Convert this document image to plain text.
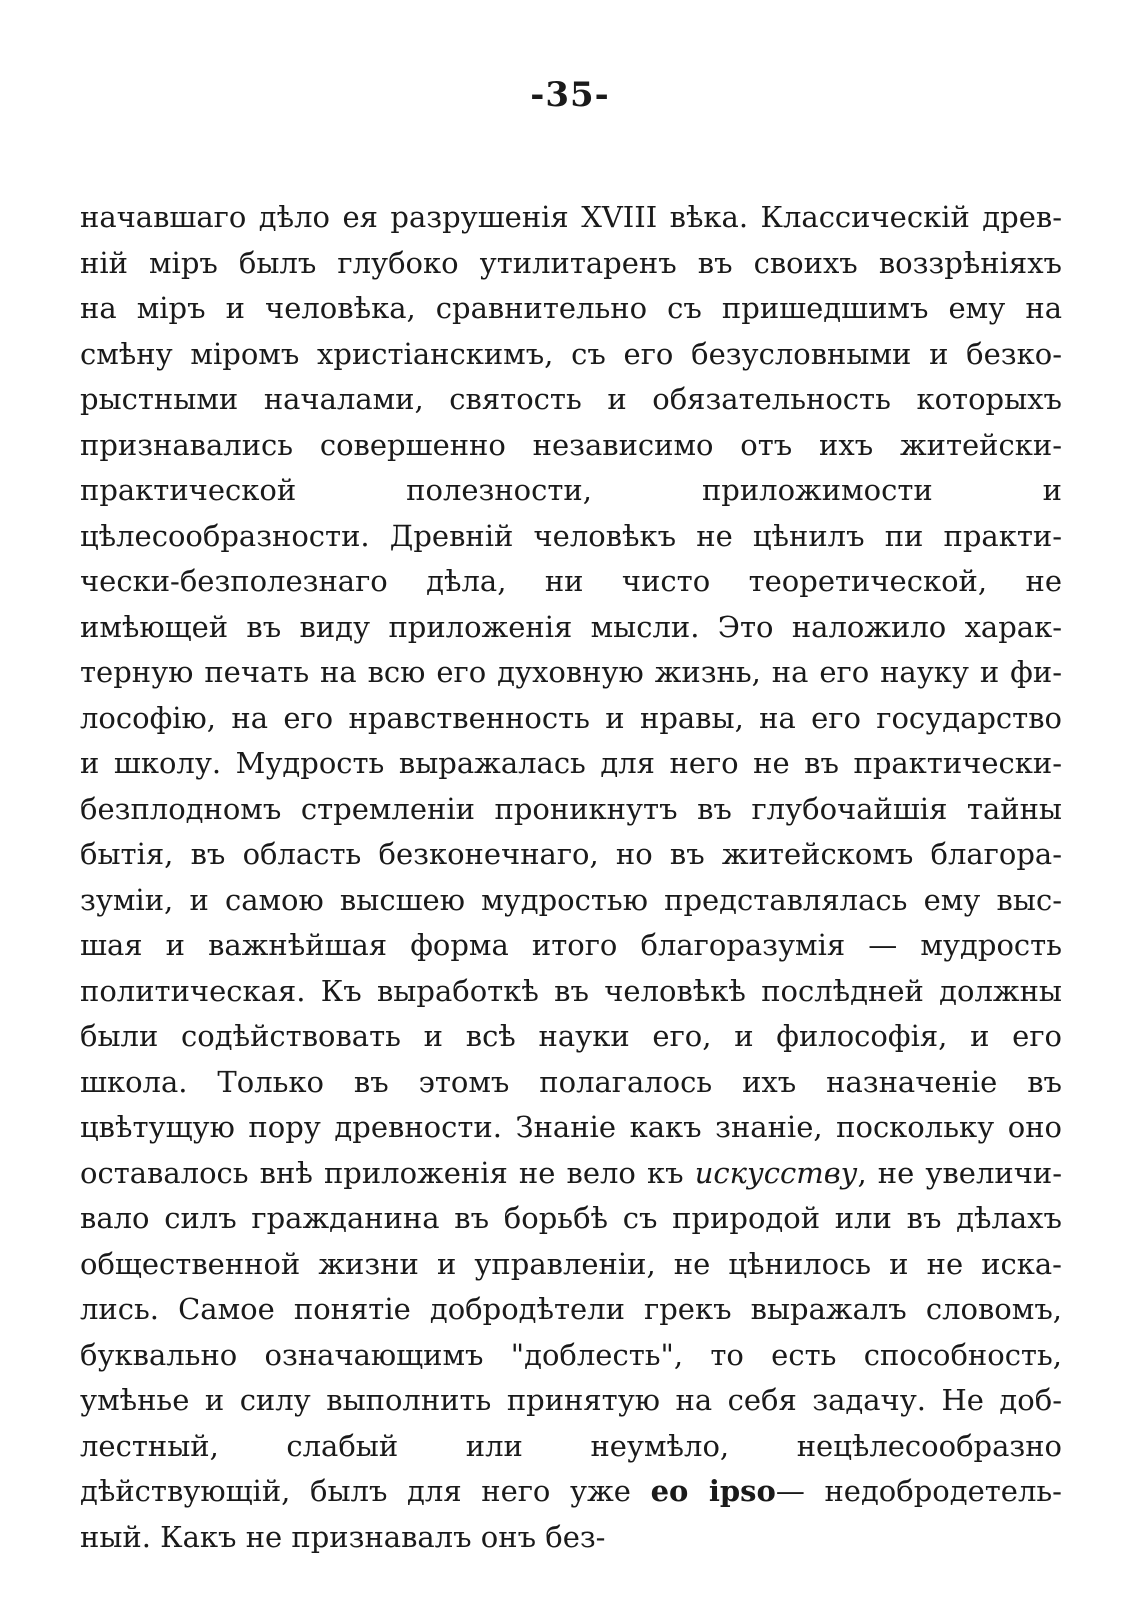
-35-
начавшаго дѣло ея разрушенія XVIII вѣка. Классическій древ-
ній міръ былъ глубоко утилитаренъ въ своихъ воззрѣніяхъ
на міръ и человѣка, сравнительно съ пришедшимъ ему на
смѣну міромъ христіанскимъ, съ его безусловными и безко-
рыстными началами, святость и обязательность которыхъ
признавались совершенно независимо отъ ихъ житейски-
практической полезности, приложимости и
цѣлесообразности. Древній человѣкъ не цѣнилъ пи практи-
чески-безполезнаго дѣла, ни чисто теоретической, не
имѣющей въ виду приложенія мысли. Это наложило харак-
терную печать на всю его духовную жизнь, на его науку и фи-
лософію, на его нравственность и нравы, на его государство
и школу. Мудрость выражалась для него не въ практически-
безплодномъ стремленіи проникнутъ въ глубочайшія тайны
бытія, въ область безконечнаго, но въ житейскомъ благора-
зуміи, и самою высшею мудростью представлялась ему выс-
шая и важнѣйшая форма итого благоразумія — мудрость
политическая. Къ выработкѣ въ человѣкѣ послѣдней должны
были содѣйствовать и всѣ науки его, и философія, и его
школа. Только въ этомъ полагалось ихъ назначеніе въ
цвѣтущую пору древности. Знаніе какъ знаніе, поскольку оно
оставалось внѣ приложенія не вело къ искусству, не увеличи-
вало силъ гражданина въ борьбѣ съ природой или въ дѣлахъ
общественной жизни и управленіи, не цѣнилось и не иска-
лись. Самое понятіе добродѣтели грекъ выражалъ словомъ,
буквально означающимъ "доблесть", то есть способность,
умѣнье и силу выполнить принятую на себя задачу. Не доб-
лестный, слабый или неумѣло, нецѣлесообразно
дѣйствующій, былъ для него уже eo ipso— недобродетель-
ный. Какъ не признавалъ онъ без-
